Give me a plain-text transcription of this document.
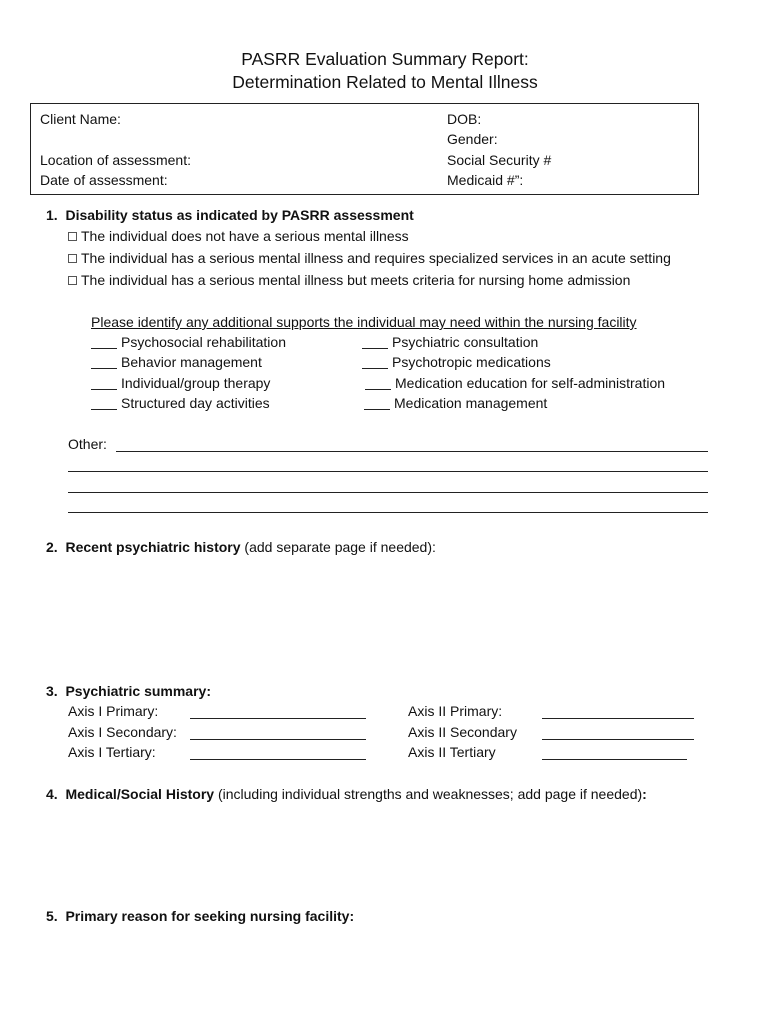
PASRR Evaluation Summary Report:
Determination Related to Mental Illness
Client Name:
Location of assessment:
Date of assessment:
DOB:
Gender:
Social Security #
Medicaid #”:
1. Disability status as indicated by PASRR assessment
The individual does not have a serious mental illness
The individual has a serious mental illness and requires specialized services in an acute setting
The individual has a serious mental illness but meets criteria for nursing home admission
Please identify any additional supports the individual may need within the nursing facility
Psychosocial rehabilitation
Behavior management
Individual/group therapy
Structured day activities
Psychiatric consultation
Psychotropic medications
Medication education for self-administration
Medication management
Other:
2. Recent psychiatric history (add separate page if needed):
3. Psychiatric summary:
Axis I Primary:
Axis I Secondary:
Axis I Tertiary:
Axis II Primary:
Axis II Secondary
Axis II Tertiary
4. Medical/Social History (including individual strengths and weaknesses; add page if needed):
5. Primary reason for seeking nursing facility:
